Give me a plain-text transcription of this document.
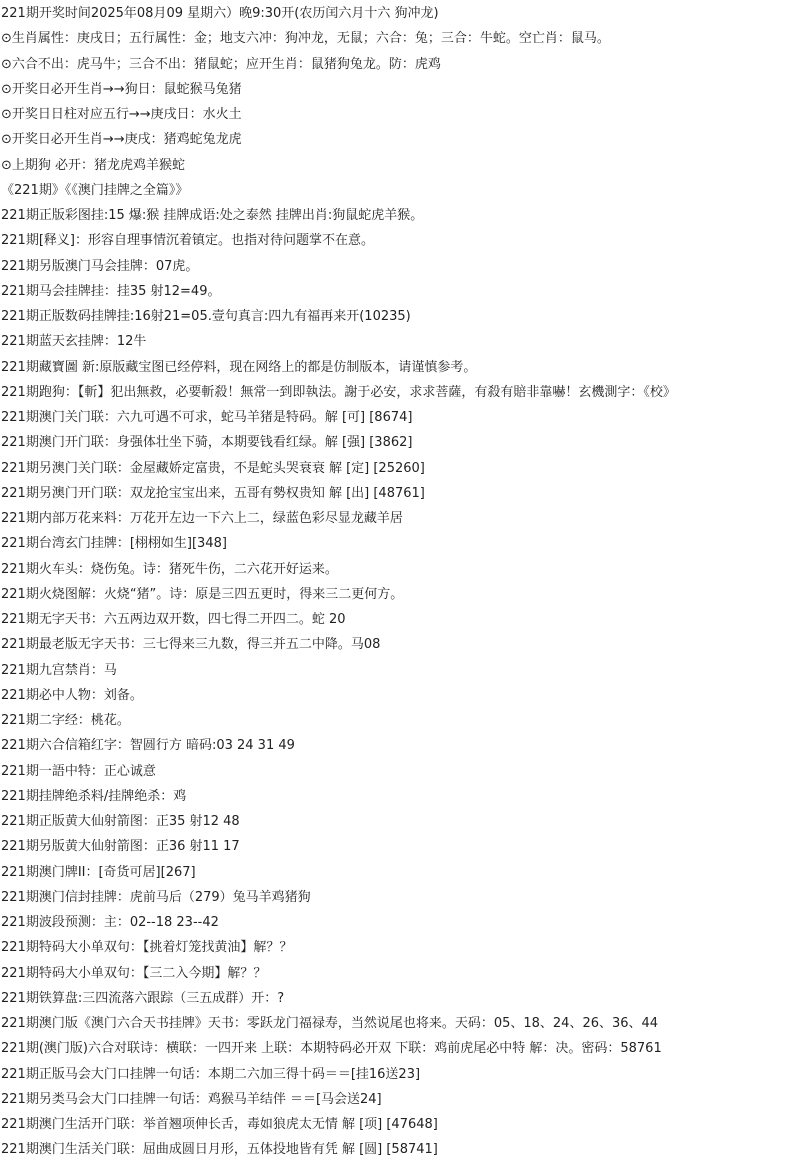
221期开奖时间2025年08月09 星期六）晚9:30开(农历闰六月十六 狗冲龙)
⊙生肖属性：庚戌日；五行属性：金；地支六冲：狗冲龙，无鼠；六合：兔；三合：牛蛇。空亡肖：鼠马。
⊙六合不出：虎马牛；三合不出：猪鼠蛇；应开生肖：鼠猪狗兔龙。防：虎鸡
⊙开奖日必开生肖→→狗日：鼠蛇猴马兔猪
⊙开奖日日柱对应五行→→庚戌日：水火土
⊙开奖日必开生肖→→庚戌：猪鸡蛇兔龙虎
⊙上期狗 必开：猪龙虎鸡羊猴蛇
《221期》《《澳门挂牌之全篇》》
221期正版彩图挂:15 爆:猴 挂牌成语:处之泰然 挂牌出肖:狗鼠蛇虎羊猴。
221期[释义]：形容自理事情沉着镇定。也指对待问题掌不在意。
221期另版澳门马会挂牌：07虎。
221期马会挂牌挂：挂35 射12=49。
221期正版数码挂牌挂:16射21=05.壹句真言:四九有福再来开(10235)
221期蓝天玄挂牌：12牛
221期藏寶圖 新:原版藏宝图已经停料，现在网络上的都是仿制版本，请谨慎参考。
221期跑狗：【斬】犯出無救，必要斬殺！無常一到即執法。謝于必安，求求菩薩，有殺有賠非靠嚇！玄機測字：《校》
221期澳门关门联：六九可遇不可求，蛇马羊猪是特码。解 [可] [8674]
221期澳门开门联：身强体壮坐下骑，本期要钱看红绿。解 [强] [3862]
221期另澳门关门联：金屋藏娇定富贵，不是蛇头哭衰衰 解 [定] [25260]
221期另澳门开门联：双龙抢宝宝出来，五哥有勢权贵知 解 [出] [48761]
221期内部万花来料：万花开左边一下六上二，绿蓝色彩尽显龙藏羊居
221期台湾玄门挂牌：[栩栩如生][348]
221期火车头：烧伤兔。诗：猪死牛伤，二六花开好运来。
221期火烧图解：火烧“猪”。诗：原是三四五更时，得来三二更何方。
221期无字天书：六五两边双开数，四七得二开四二。蛇 20
221期最老版无字天书：三七得来三九数，得三并五二中降。马08
221期九宫禁肖：马
221期必中人物：刘备。
221期二字经：桃花。
221期六合信箱红字：智圆行方 暗码:03 24 31 49
221期一語中特：正心诚意
221期挂牌绝杀料/挂牌绝杀：鸡
221期正版黄大仙射箭图：正35 射12 48
221期另版黄大仙射箭图：正36 射11 17
221期澳门牌II：[奇货可居][267]
221期澳门信封挂牌：虎前马后（279）兔马羊鸡猪狗
221期波段预测：主：02--18 23--42
221期特码大小单双句：【挑着灯笼找黄油】解？？
221期特码大小单双句：【三二入今期】解？？
221期铁算盘:三四流落六跟踪（三五成群）开：?
221期澳门版《澳门六合天书挂牌》天书：零跃龙门福禄寿，当然说尾也将来。天码：05、18、24、26、36、44
221期(澳门版)六合对联诗：横联：一四开来 上联：本期特码必开双 下联：鸡前虎尾必中特 解：决。密码：58761
221期正版马会大门口挂牌一句话：本期二六加三得十码＝＝[挂16送23]
221期另类马会大门口挂牌一句话：鸡猴马羊结伴 ＝＝[马会送24]
221期澳门生活开门联：举首翘项伸长舌，毒如狼虎太无情 解 [项] [47648]
221期澳门生活关门联：屈曲成圆日月形，五体投地皆有凭 解 [圆] [58741]
